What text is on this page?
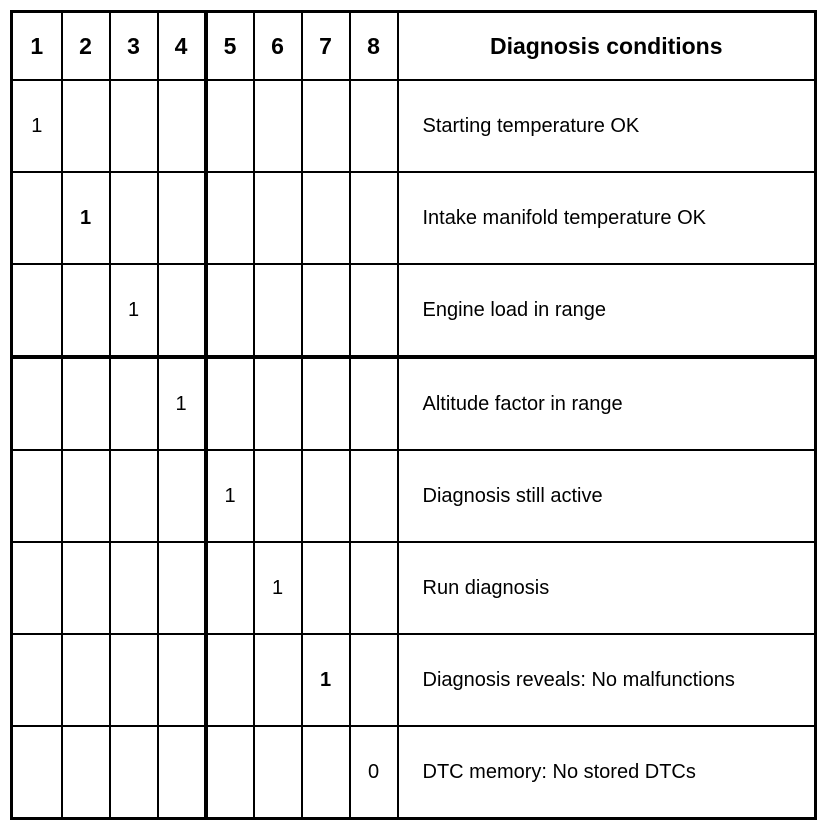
1	2	3	4	5	6	7	8	Diagnosis conditions
1								Starting temperature OK
	1							Intake manifold temperature OK
		1						Engine load in range
			1					Altitude factor in range
				1				Diagnosis still active
					1			Run diagnosis
						1		Diagnosis reveals: No malfunctions
							0	DTC memory: No stored DTCs
